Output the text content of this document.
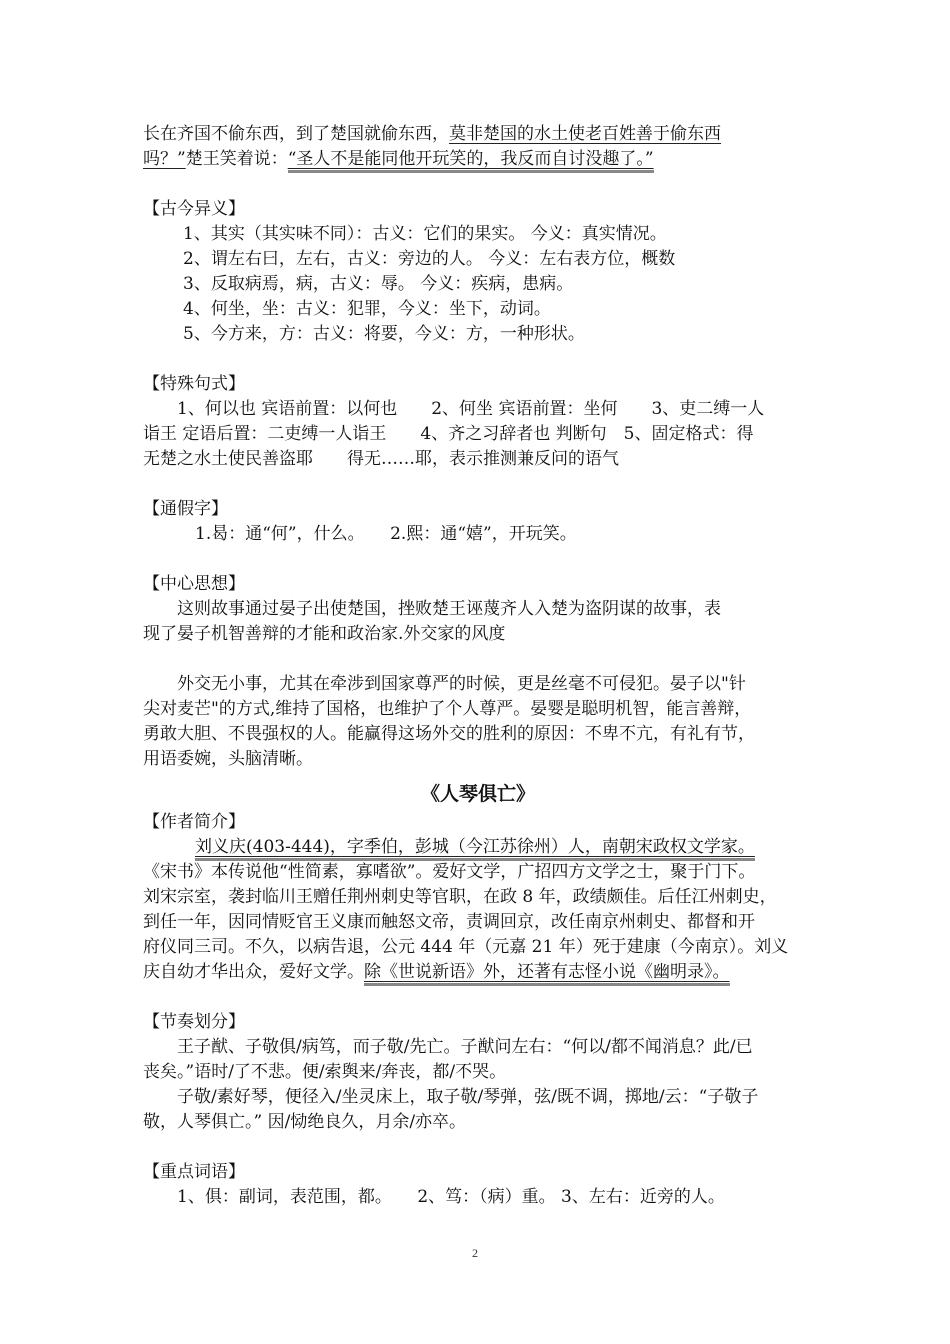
长在齐国不偷东西，到了楚国就偷东西，莫非楚国的水土使老百姓善于偷东西
吗？”楚王笑着说：“圣人不是能同他开玩笑的，我反而自讨没趣了。”
【古今异义】
1、其实（其实味不同）：古义：它们的果实。 今义：真实情况。
2、谓左右曰，左右，古义：旁边的人。 今义：左右表方位，概数
3、反取病焉，病，古义：辱。 今义：疾病，患病。
4、何坐，坐：古义：犯罪，今义：坐下，动词。
5、今方来，方：古义：将要，今义：方，一种形状。
【特殊句式】
1、何以也 宾语前置：以何也　　2、何坐 宾语前置：坐何　　3、吏二缚一人
诣王 定语后置：二吏缚一人诣王　　4、齐之习辞者也 判断句　5、固定格式：得
无楚之水土使民善盗耶　　得无……耶，表示推测兼反问的语气
【通假字】
1.曷：通“何”，什么。　　2.熙：通“嬉”，开玩笑。
【中心思想】
这则故事通过晏子出使楚国，挫败楚王诬蔑齐人入楚为盗阴谋的故事，表
现了晏子机智善辩的才能和政治家.外交家的风度
外交无小事，尤其在牵涉到国家尊严的时候，更是丝毫不可侵犯。晏子以"针
尖对麦芒"的方式,维持了国格，也维护了个人尊严。晏婴是聪明机智，能言善辩，
勇敢大胆、不畏强权的人。能赢得这场外交的胜利的原因：不卑不亢，有礼有节，
用语委婉，头脑清晰。
《人琴俱亡》
【作者简介】
刘义庆(403-444)，字季伯，彭城（今江苏徐州）人，南朝宋政权文学家。
《宋书》本传说他“性简素，寡嗜欲”。爱好文学，广招四方文学之士，聚于门下。
刘宋宗室，袭封临川王赠任荆州刺史等官职，在政 8 年，政绩颇佳。后任江州刺史，
到任一年，因同情贬官王义康而触怒文帝，责调回京，改任南京州刺史、都督和开
府仪同三司。不久，以病告退，公元 444 年（元嘉 21 年）死于建康（今南京）。刘义
庆自幼才华出众，爱好文学。除《世说新语》外，还著有志怪小说《幽明录》。
【节奏划分】
王子猷、子敬俱/病笃，而子敬/先亡。子猷问左右：“何以/都不闻消息？此/已
丧矣。”语时/了不悲。便/索舆来/奔丧，都/不哭。
子敬/素好琴，便径入/坐灵床上，取子敬/琴弹，弦/既不调，掷地/云：“子敬子
敬，人琴俱亡。” 因/恸绝良久，月余/亦卒。
【重点词语】
1、俱：副词，表范围，都。　　2、笃：（病）重。 3、左右：近旁的人。
2
